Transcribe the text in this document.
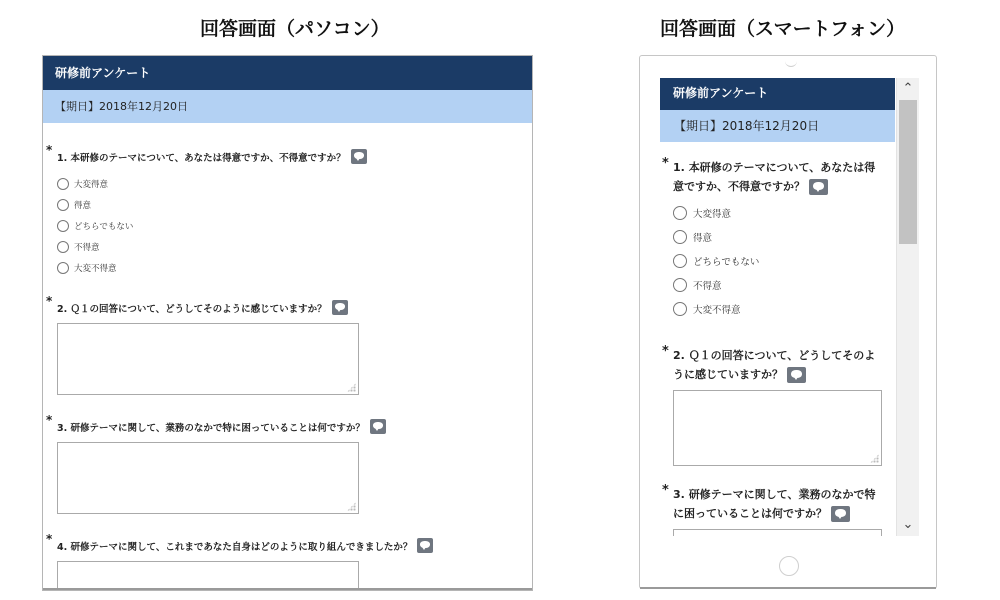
回答画面（パソコン）	回答画面（スマートフォン）
研修前アンケート
【期日】2018年12月20日
*
1. 本研修のテーマについて、あなたは得意ですか、不得意ですか？
大変得意
得意
どちらでもない
不得意
大変不得意
*
2. Ｑ１の回答について、どうしてそのように感じていますか？
*
3. 研修テーマに関して、業務のなかで特に困っていることは何ですか？
*
4. 研修テーマに関して、これまであなた自身はどのように取り組んできましたか？
研修前アンケート
【期日】2018年12月20日
* 1. 本研修のテーマについて、あなたは得意ですか、不得意ですか？
大変得意
得意
どちらでもない
不得意
大変不得意
* 2. Ｑ１の回答について、どうしてそのように感じていますか？
* 3. 研修テーマに関して、業務のなかで特に困っていることは何ですか？
⌃
⌄
